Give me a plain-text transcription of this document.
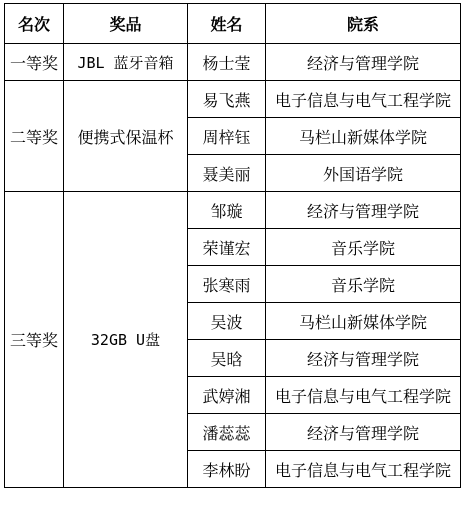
名次	奖品	姓名	院系
一等奖	JBL 蓝牙音箱	杨士莹	经济与管理学院
二等奖	便携式保温杯	易飞燕	电子信息与电气工程学院
		周梓钰	马栏山新媒体学院
		聂美丽	外国语学院
三等奖	32GB U盘	邹璇	经济与管理学院
		荣谨宏	音乐学院
		张寒雨	音乐学院
		吴波	马栏山新媒体学院
		吴晗	经济与管理学院
		武婷湘	电子信息与电气工程学院
		潘蕊蕊	经济与管理学院
		李林盼	电子信息与电气工程学院
